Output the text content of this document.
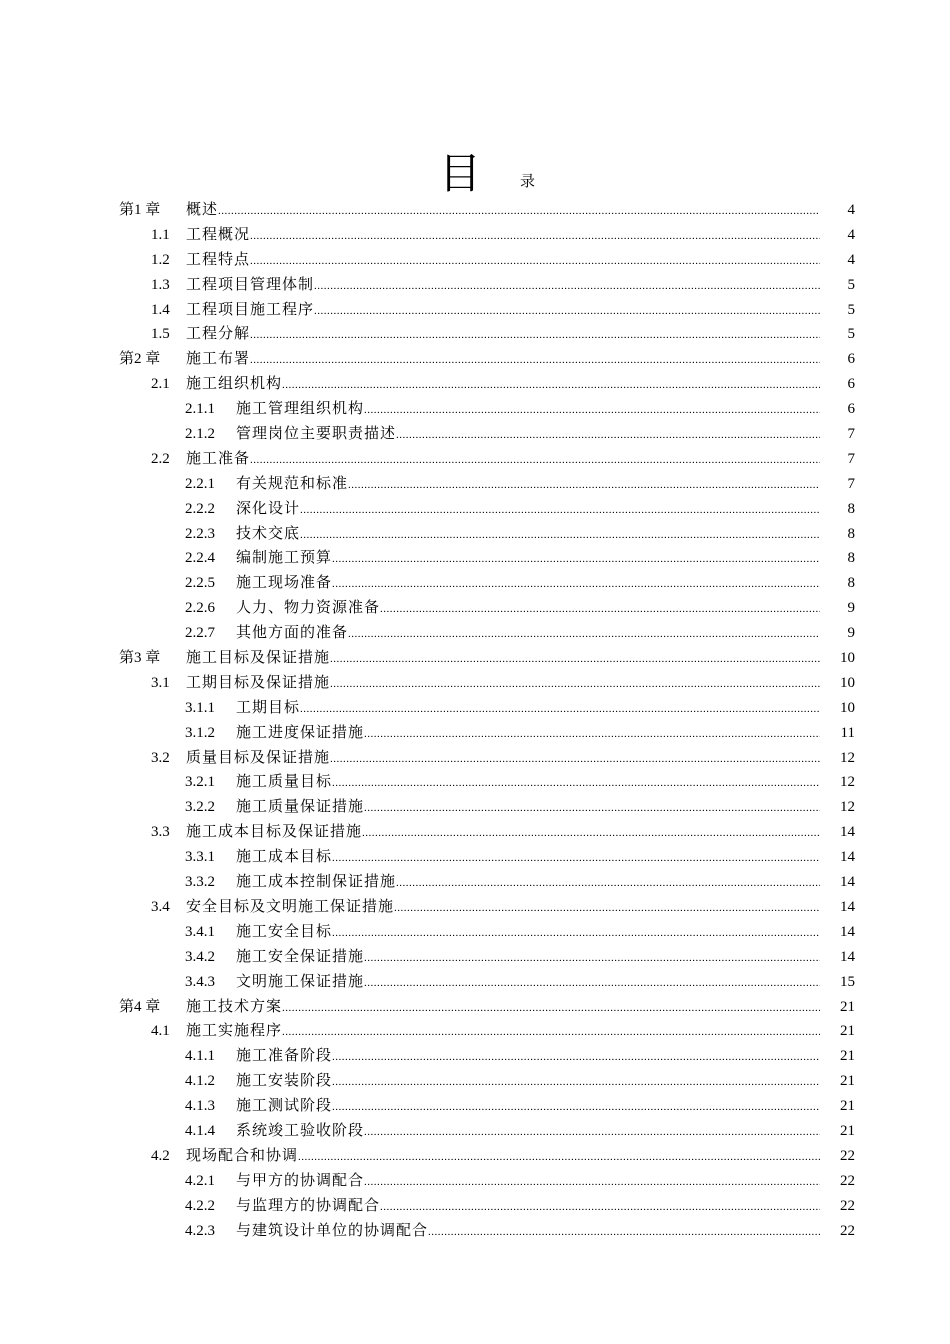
目	录
第1 章 概述 .....	4
1.1 工程概况 .....	4
1.2 工程特点 .....	4
1.3 工程项目管理体制 .....	5
1.4 工程项目施工程序 .....	5
1.5 工程分解 .....	5
第2 章 施工布署 .....	6
2.1 施工组织机构 .....	6
2.1.1 施工管理组织机构 .....	6
2.1.2 管理岗位主要职责描述 .....	7
2.2 施工准备 .....	7
2.2.1 有关规范和标准 .....	7
2.2.2 深化设计 .....	8
2.2.3 技术交底 .....	8
2.2.4 编制施工预算 .....	8
2.2.5 施工现场准备 .....	8
2.2.6 人力、物力资源准备 .....	9
2.2.7 其他方面的准备 .....	9
第3 章 施工目标及保证措施 .....	10
3.1 工期目标及保证措施 .....	10
3.1.1 工期目标 .....	10
3.1.2 施工进度保证措施 .....	11
3.2 质量目标及保证措施 .....	12
3.2.1 施工质量目标 .....	12
3.2.2 施工质量保证措施 .....	12
3.3 施工成本目标及保证措施 .....	14
3.3.1 施工成本目标 .....	14
3.3.2 施工成本控制保证措施 .....	14
3.4 安全目标及文明施工保证措施 .....	14
3.4.1 施工安全目标 .....	14
3.4.2 施工安全保证措施 .....	14
3.4.3 文明施工保证措施 .....	15
第4 章 施工技术方案 .....	21
4.1 施工实施程序 .....	21
4.1.1 施工准备阶段 .....	21
4.1.2 施工安装阶段 .....	21
4.1.3 施工测试阶段 .....	21
4.1.4 系统竣工验收阶段 .....	21
4.2 现场配合和协调 .....	22
4.2.1 与甲方的协调配合 .....	22
4.2.2 与监理方的协调配合 .....	22
4.2.3 与建筑设计单位的协调配合 .....	22
